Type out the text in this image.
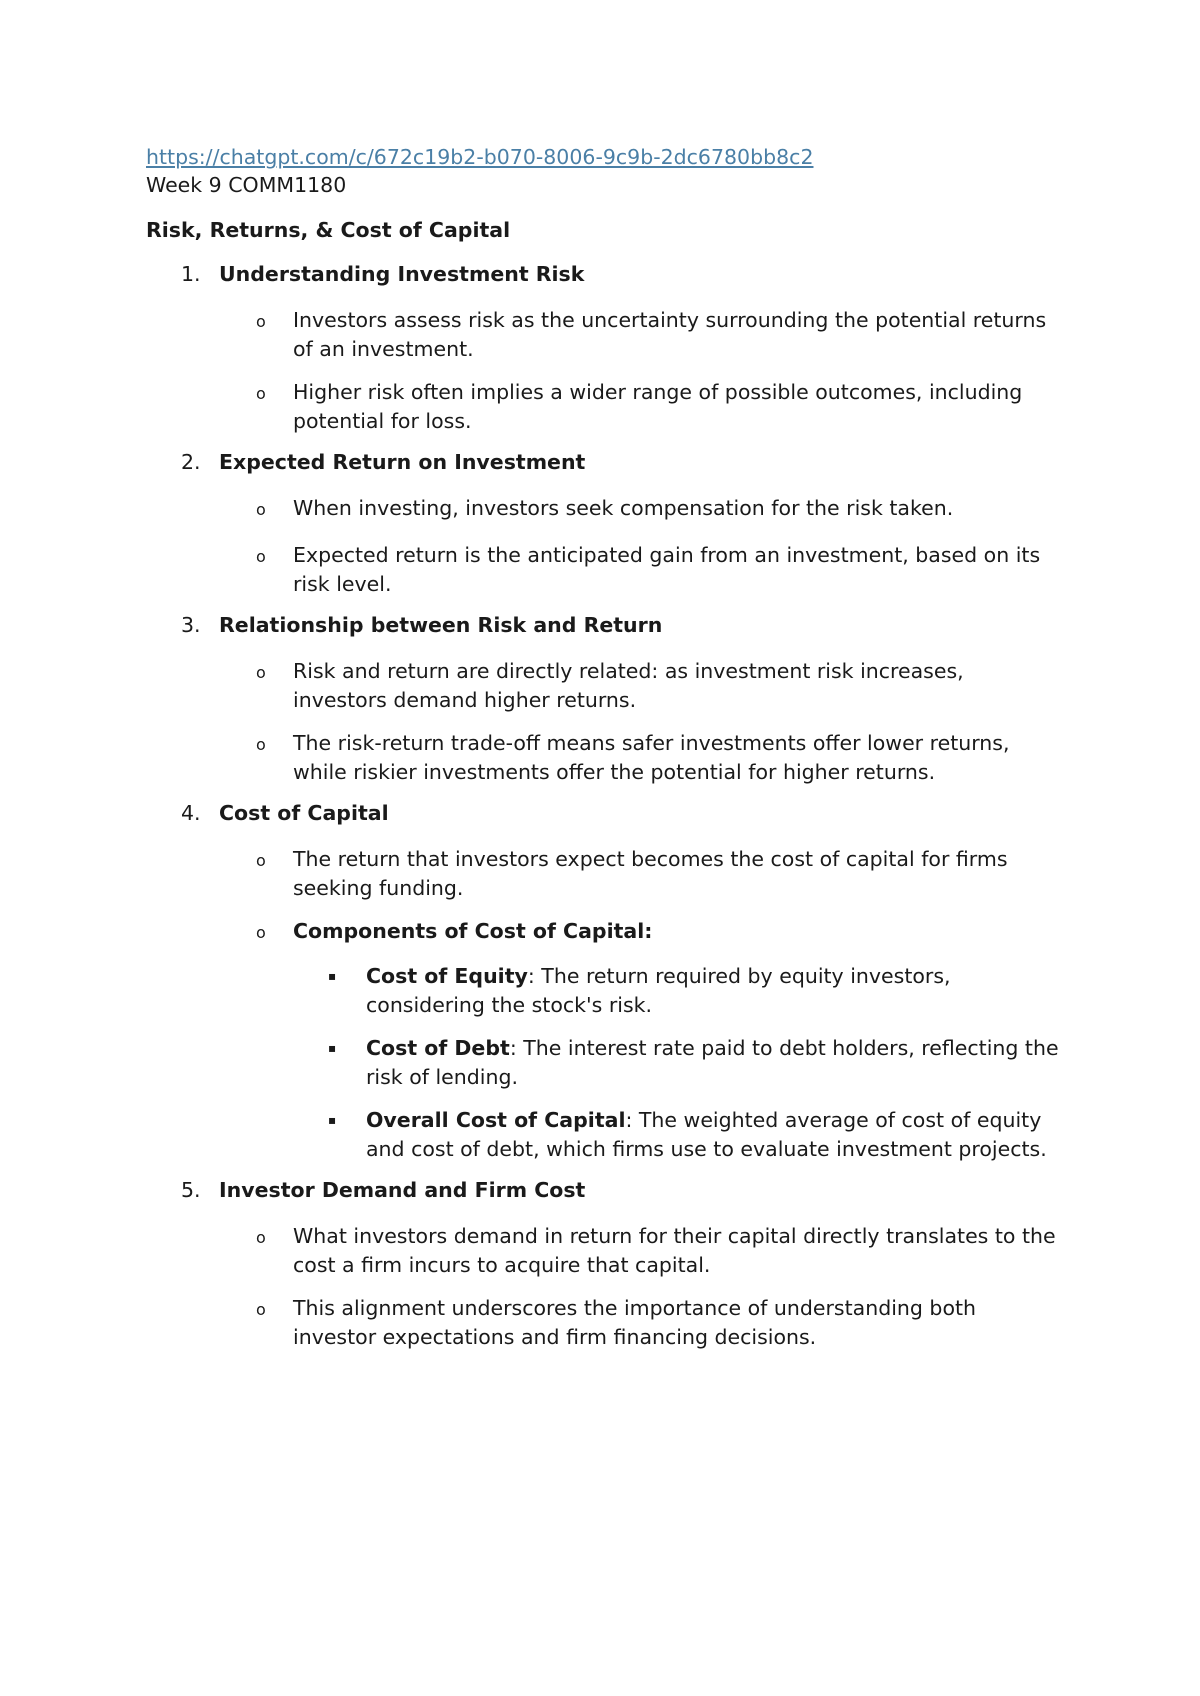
https://chatgpt.com/c/672c19b2-b070-8006-9c9b-2dc6780bb8c2
Week 9 COMM1180
Risk, Returns, & Cost of Capital
1. Understanding Investment Risk
o	Investors assess risk as the uncertainty surrounding the potential returns of an investment.
o	Higher risk often implies a wider range of possible outcomes, including potential for loss.
2. Expected Return on Investment
o	When investing, investors seek compensation for the risk taken.
o	Expected return is the anticipated gain from an investment, based on its risk level.
3. Relationship between Risk and Return
o	Risk and return are directly related: as investment risk increases, investors demand higher returns.
o	The risk-return trade-off means safer investments offer lower returns, while riskier investments offer the potential for higher returns.
4. Cost of Capital
o	The return that investors expect becomes the cost of capital for firms seeking funding.
o	Components of Cost of Capital:
▪	Cost of Equity: The return required by equity investors, considering the stock's risk.
▪	Cost of Debt: The interest rate paid to debt holders, reflecting the risk of lending.
▪	Overall Cost of Capital: The weighted average of cost of equity and cost of debt, which firms use to evaluate investment projects.
5. Investor Demand and Firm Cost
o	What investors demand in return for their capital directly translates to the cost a firm incurs to acquire that capital.
o	This alignment underscores the importance of understanding both investor expectations and firm financing decisions.
